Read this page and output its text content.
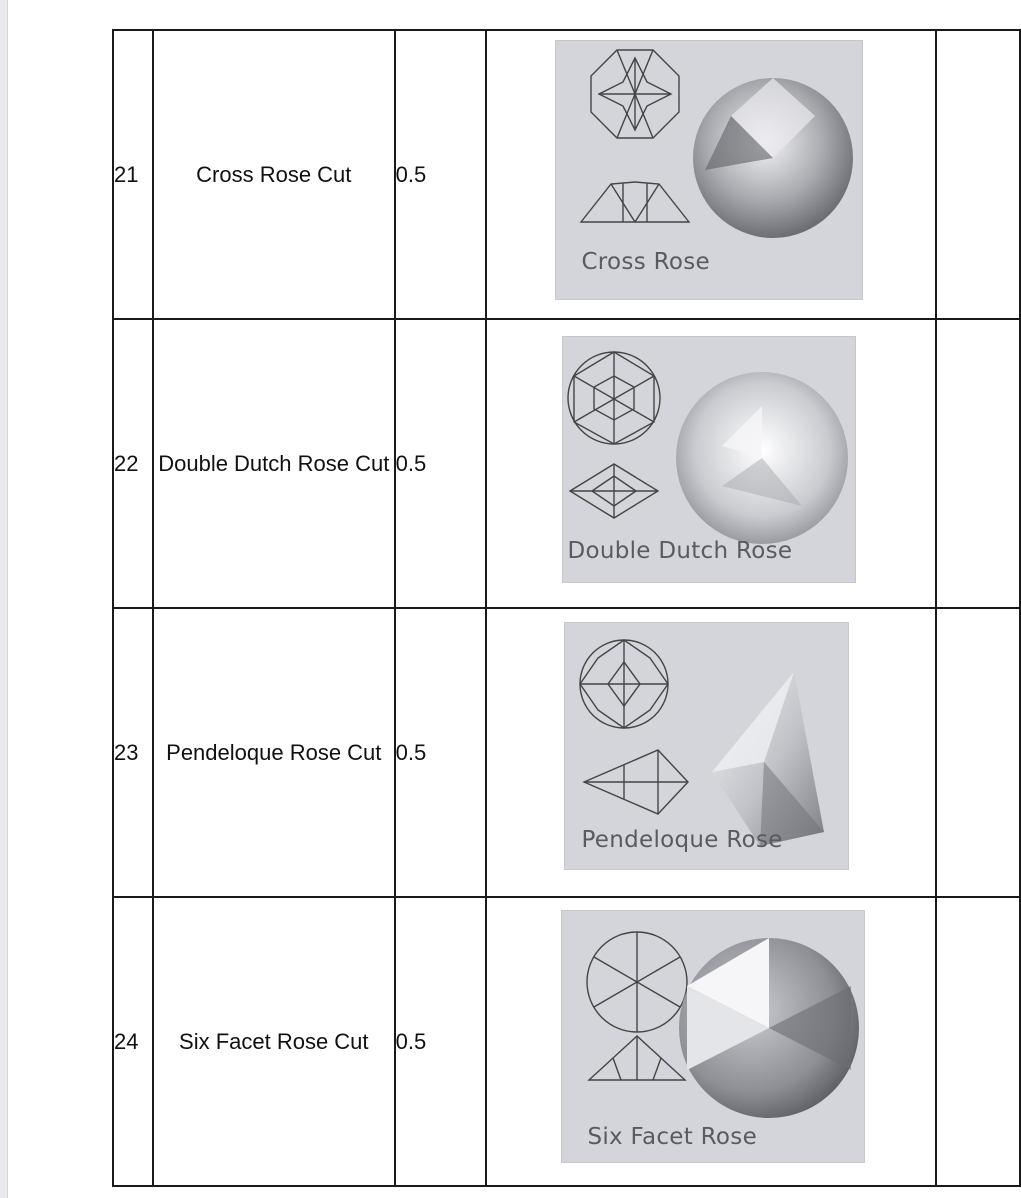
21	Cross Rose Cut	0.5	Cross Rose	

22	Double Dutch Rose Cut	0.5	Double Dutch Rose	

23	Pendeloque Rose Cut	0.5	Pendeloque Rose	

24	Six Facet Rose Cut	0.5	Six Facet Rose	
